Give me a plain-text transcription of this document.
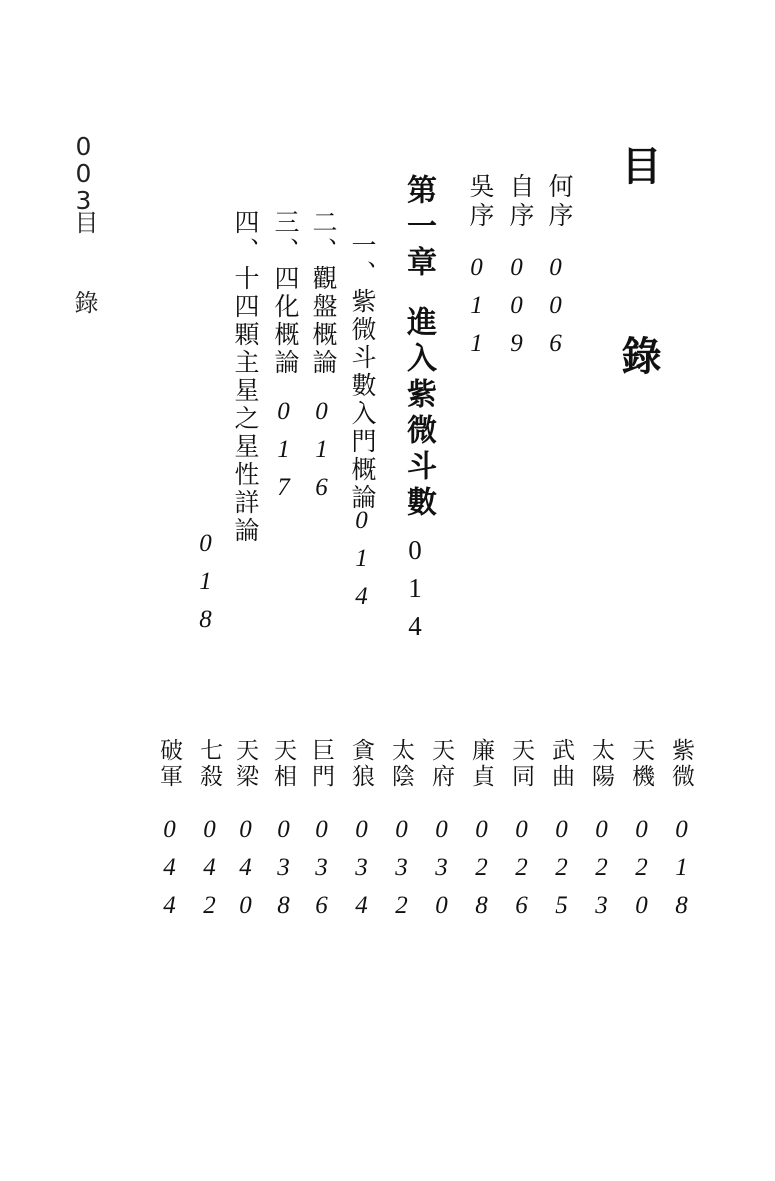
003
目 錄	目 錄
何序
006
自序
009
吳序
011
第一章
進入紫微斗數
014
一、紫微斗數入門概論
014
二、觀盤概論
016
三、四化概論
017
四、十四顆主星之星性詳論
018
紫微
018
天機
020
太陽
023
武曲
025
天同
026
廉貞
028
天府
030
太陰
032
貪狼
034
巨門
036
天相
038
天梁
040
七殺
042
破軍
044
